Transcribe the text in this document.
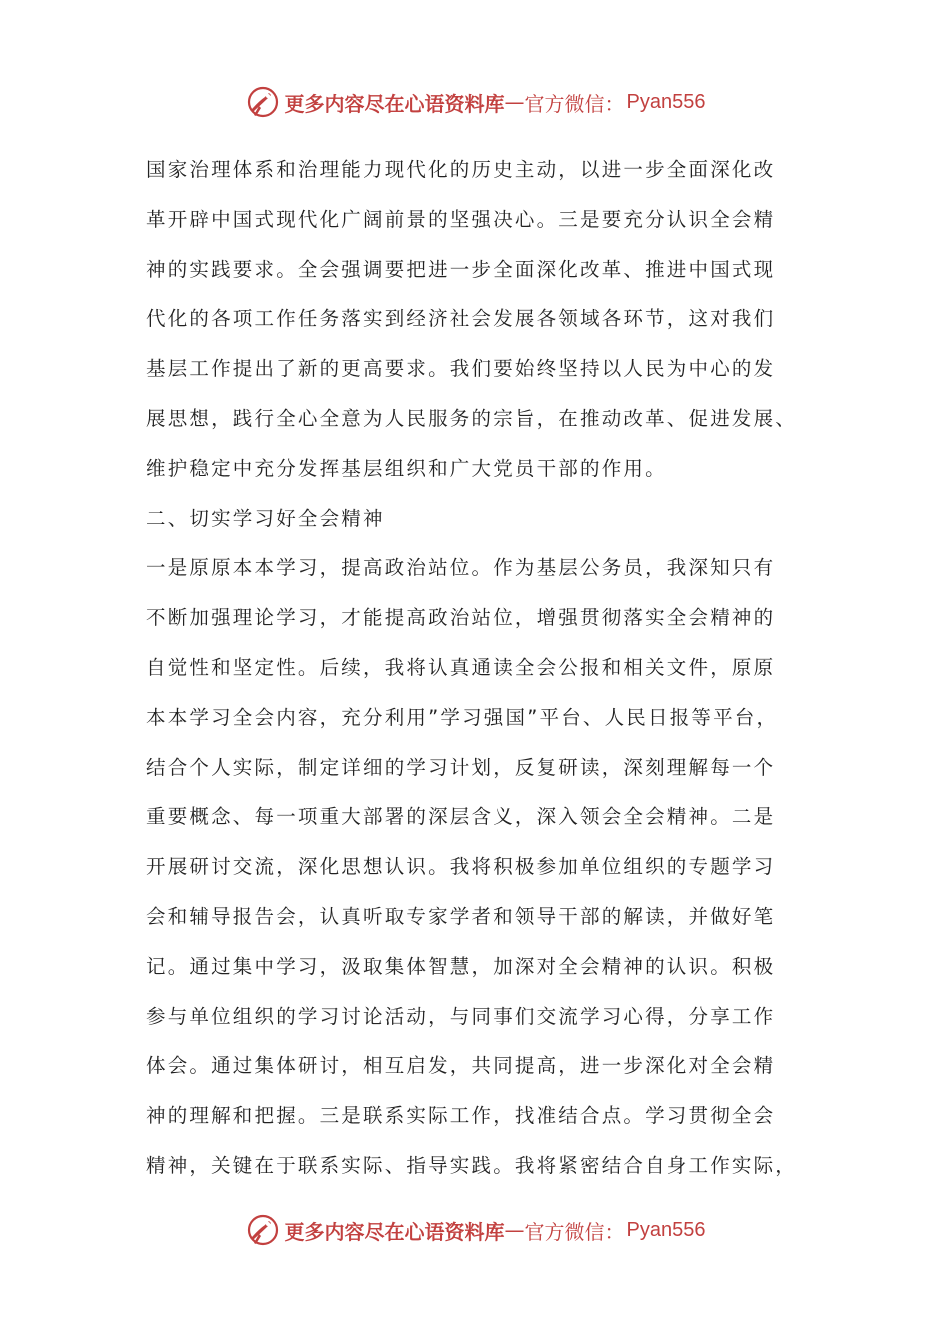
更多内容尽在心语资料库 — 官方微信： Pyan556
国家治理体系和治理能力现代化的历史主动，以进一步全面深化改
革开辟中国式现代化广阔前景的坚强决心。三是要充分认识全会精
神的实践要求。全会强调要把进一步全面深化改革、推进中国式现
代化的各项工作任务落实到经济社会发展各领域各环节，这对我们
基层工作提出了新的更高要求。我们要始终坚持以人民为中心的发
展思想，践行全心全意为人民服务的宗旨，在推动改革、促进发展、
维护稳定中充分发挥基层组织和广大党员干部的作用。
二、切实学习好全会精神
一是原原本本学习，提高政治站位。作为基层公务员，我深知只有
不断加强理论学习，才能提高政治站位，增强贯彻落实全会精神的
自觉性和坚定性。后续，我将认真通读全会公报和相关文件，原原
本本学习全会内容，充分利用”学习强国”平台、人民日报等平台，
结合个人实际，制定详细的学习计划，反复研读，深刻理解每一个
重要概念、每一项重大部署的深层含义，深入领会全会精神。二是
开展研讨交流，深化思想认识。我将积极参加单位组织的专题学习
会和辅导报告会，认真听取专家学者和领导干部的解读，并做好笔
记。通过集中学习，汲取集体智慧，加深对全会精神的认识。积极
参与单位组织的学习讨论活动，与同事们交流学习心得，分享工作
体会。通过集体研讨，相互启发，共同提高，进一步深化对全会精
神的理解和把握。三是联系实际工作，找准结合点。学习贯彻全会
精神，关键在于联系实际、指导实践。我将紧密结合自身工作实际，
更多内容尽在心语资料库 — 官方微信： Pyan556
